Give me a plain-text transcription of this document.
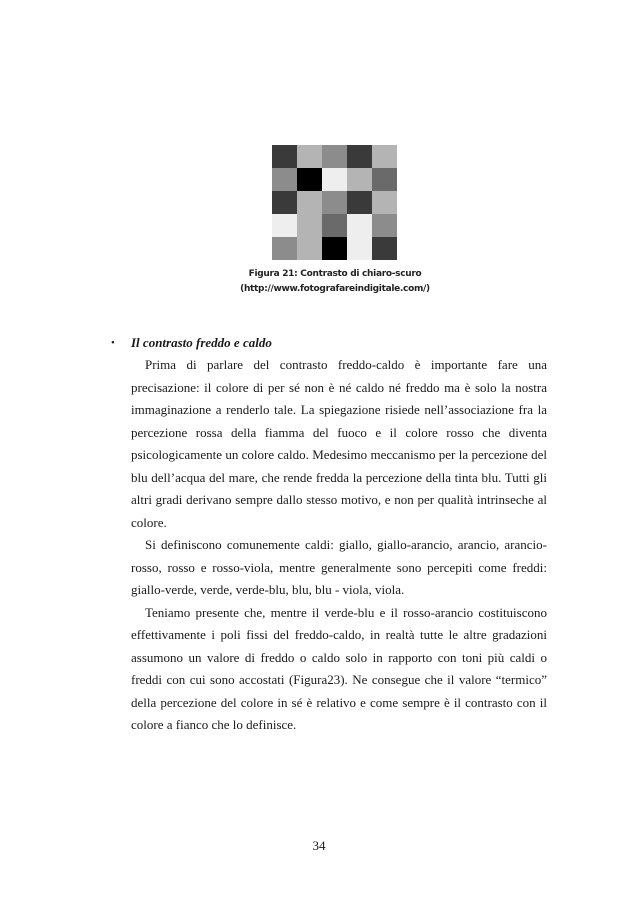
Figura 21: Contrasto di chiaro-scuro
(http://www.fotografareindigitale.com/)
• Il contrasto freddo e caldo

Prima di parlare del contrasto freddo-caldo è importante fare una precisazione: il colore di per sé non è né caldo né freddo ma è solo la nostra immaginazione a renderlo tale. La spiegazione risiede nell’associazione fra la percezione rossa della fiamma del fuoco e il colore rosso che diventa psicologicamente un colore caldo. Medesimo meccanismo per la percezione del blu dell’acqua del mare, che rende fredda la percezione della tinta blu. Tutti gli altri gradi derivano sempre dallo stesso motivo, e non per qualità intrinseche al colore.

Si definiscono comunemente caldi: giallo, giallo-arancio, arancio, arancio-rosso, rosso e rosso-viola, mentre generalmente sono percepiti come freddi: giallo-verde, verde, verde-blu, blu, blu - viola, viola.

Teniamo presente che, mentre il verde-blu e il rosso-arancio costituiscono effettivamente i poli fissi del freddo-caldo, in realtà tutte le altre gradazioni assumono un valore di freddo o caldo solo in rapporto con toni più caldi o freddi con cui sono accostati (Figura23). Ne consegue che il valore “termico” della percezione del colore in sé è relativo e come sempre è il contrasto con il colore a fianco che lo definisce.

34
